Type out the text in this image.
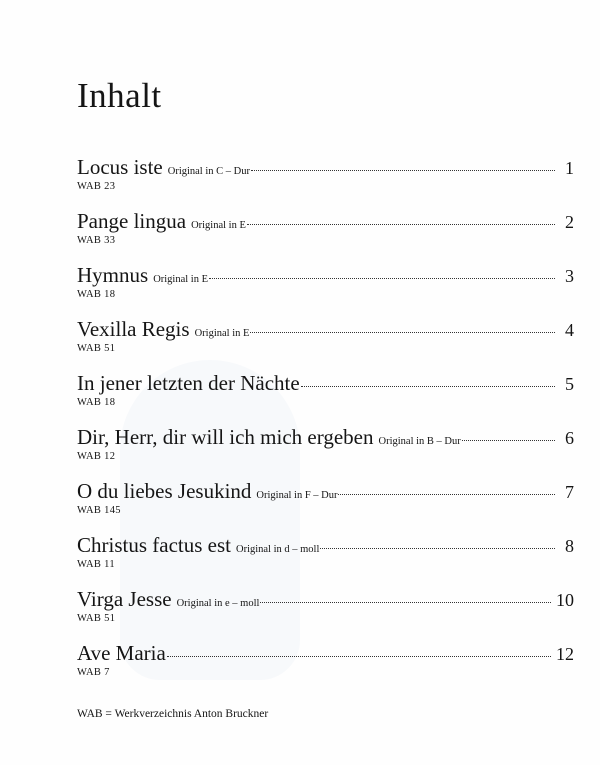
Inhalt
Locus iste Original in C – Dur	1
WAB 23
Pange lingua Original in E	2
WAB 33
Hymnus Original in E	3
WAB 18
Vexilla Regis Original in E	4
WAB 51
In jener letzten der Nächte	5
WAB 18
Dir, Herr, dir will ich mich ergeben Original in B – Dur	6
WAB 12
O du liebes Jesukind Original in F – Dur	7
WAB 145
Christus factus est Original in d – moll	8
WAB 11
Virga Jesse Original in e – moll	10
WAB 51
Ave Maria	12
WAB 7
WAB = Werkverzeichnis Anton Bruckner
